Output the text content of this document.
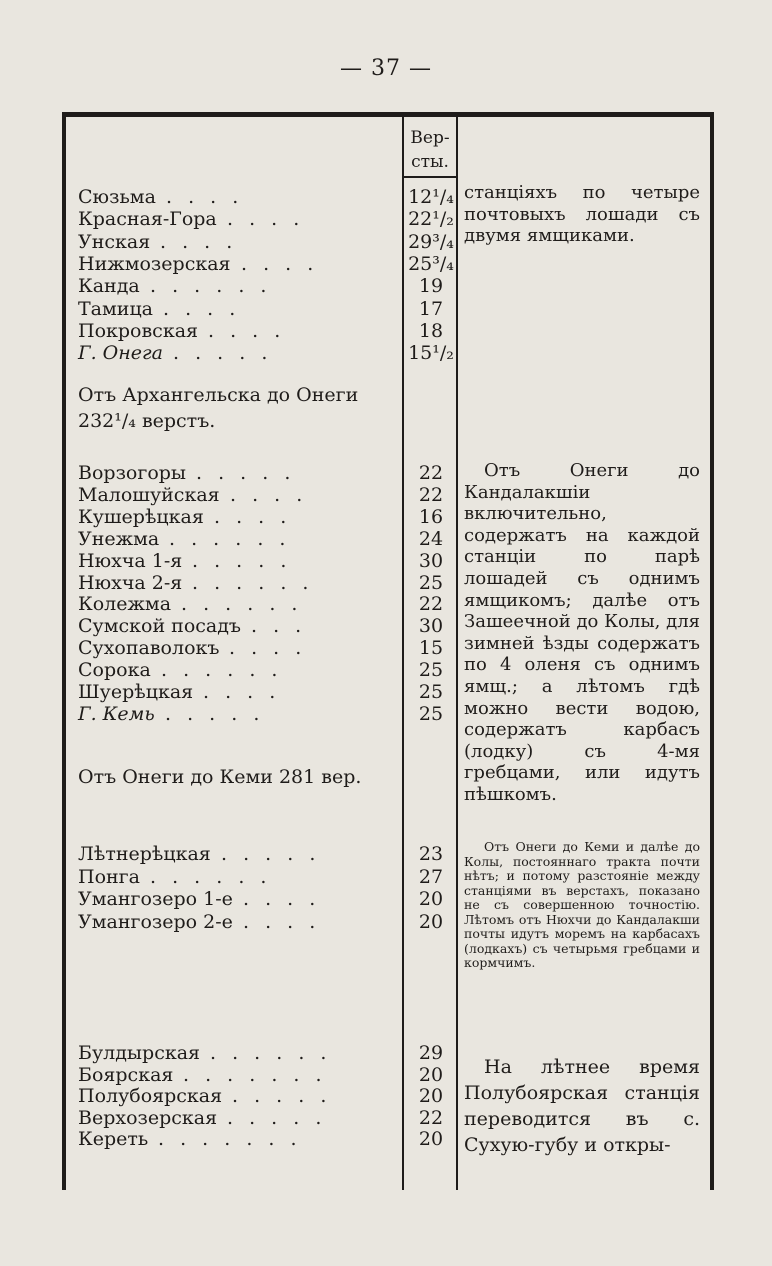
— 37 —
Вер-
сты.
Сюзьма . . . .	12¹/₄
Красная-Гора . . . .	22¹/₂
Унская . . . .	29³/₄
Нижмозерская . . . .	25³/₄
Канда . . . . . .	19
Тамица . . . .	17
Покровская . . . .	18
Г. Онега . . . . .	15¹/₂
Отъ Архангельска до Онеги
232¹/₄ верстъ.
Ворзогоры . . . . .	22
Малошуйская . . . .	22
Кушерѣцкая . . . .	16
Унежма . . . . . .	24
Нюхча 1-я . . . . .	30
Нюхча 2-я . . . . . .	25
Колежма . . . . . .	22
Сумской посадъ . . .	30
Сухопаволокъ . . . .	15
Сорока . . . . . .	25
Шуерѣцкая . . . .	25
Г. Кемь . . . . .	25
Отъ Онеги до Кеми 281 вер.
Лѣтнерѣцкая . . . . .	23
Понга . . . . . .	27
Умангозеро 1-е . . . .	20
Умангозеро 2-е . . . .	20
Булдырская . . . . . .	29
Боярская . . . . . . .	20
Полубоярская . . . . .	20
Верхозерская . . . . .	22
Кереть . . . . . . .	20
станцiяхъ по четыре почтовыхъ лошади съ двумя ямщиками.
Отъ Онеги до Кандалакшiи включительно, содержатъ на каждой станцiи по парѣ лошадей съ однимъ ямщикомъ; далѣе отъ Зашеечной до Колы, для зимней ѣзды содержатъ по 4 оленя съ однимъ ямщ.; а лѣтомъ гдѣ можно вести водою, содержатъ карбасъ (лодку) съ 4-мя гребцами, или идутъ пѣшкомъ.
Отъ Онеги до Кеми и далѣе до Колы, постояннаго тракта почти нѣтъ; и потому разстоянiе между станцiями въ верстахъ, показано не съ совершенною точностiю. Лѣтомъ отъ Нюхчи до Кандалакши почты идутъ моремъ на карбасахъ (лодкахъ) съ четырьмя гребцами и кормчимъ.
На лѣтнее время Полубоярская станцiя переводится въ с. Сухую-губу и откры-
